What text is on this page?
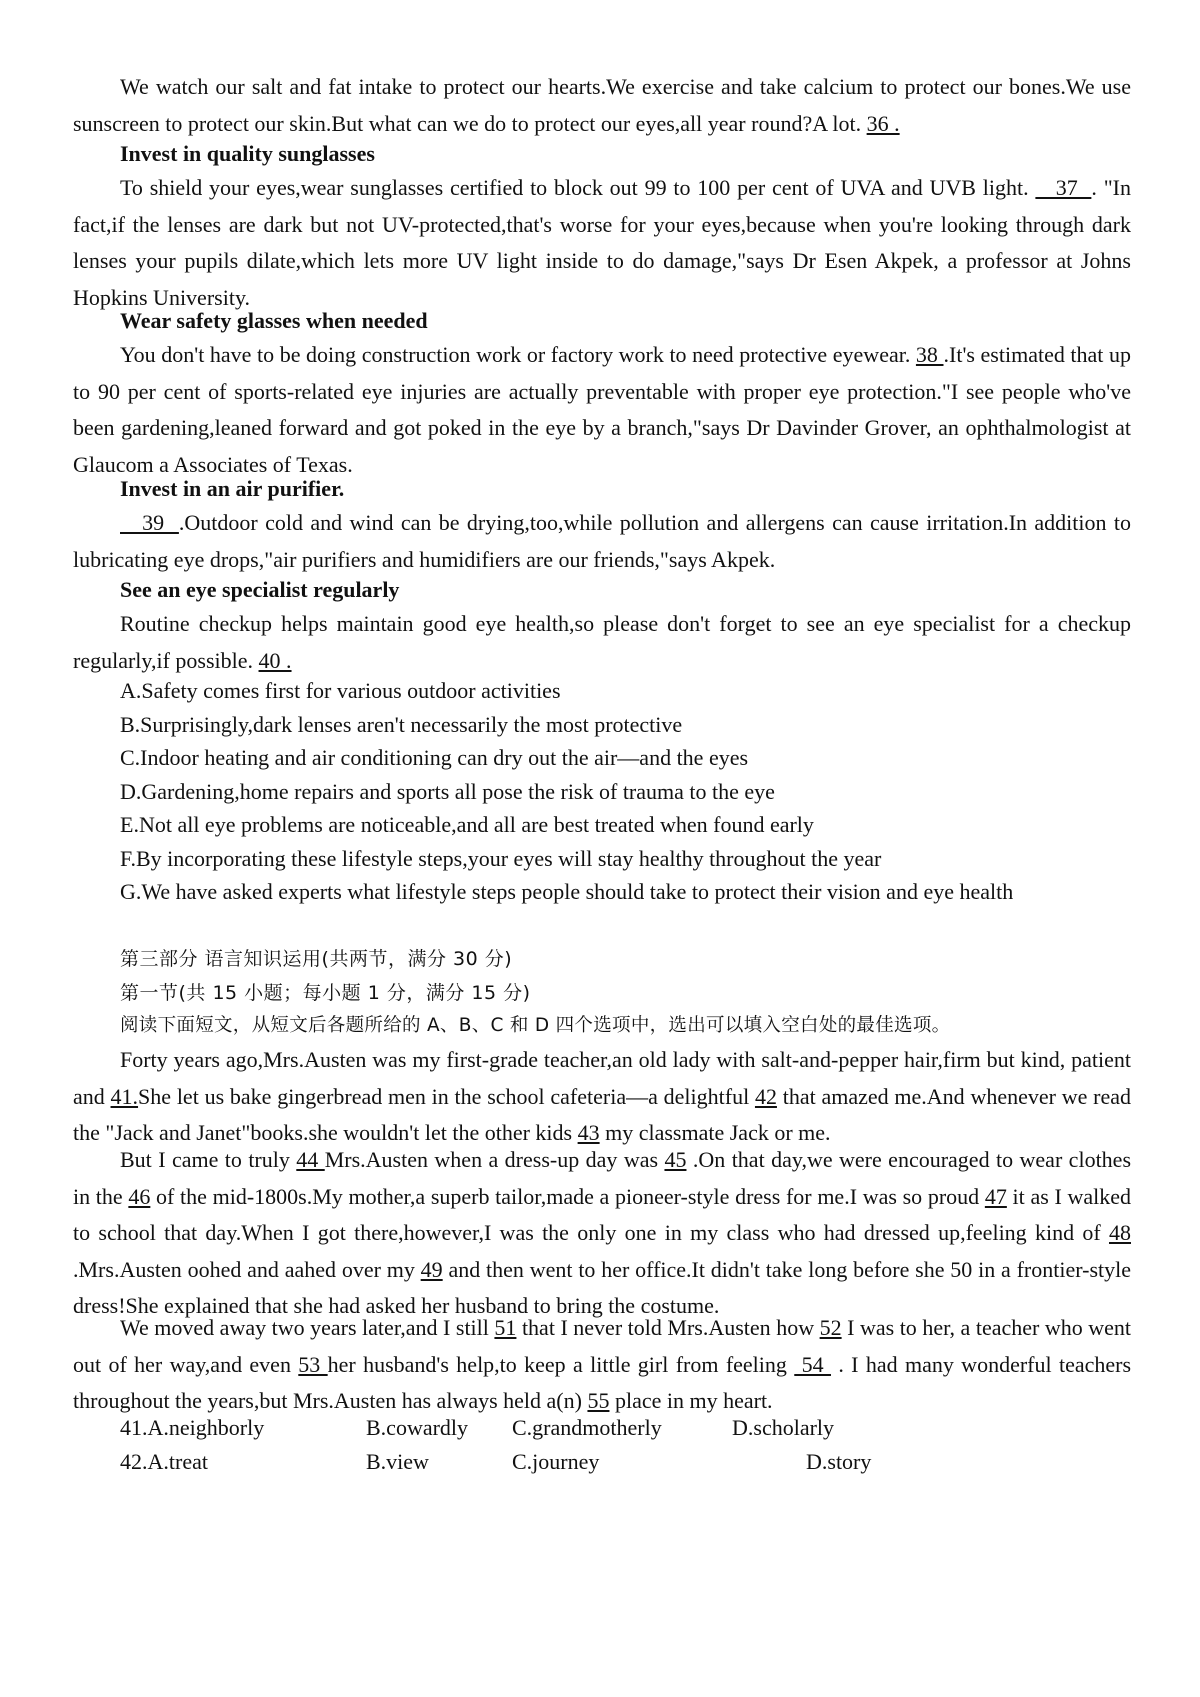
We watch our salt and fat intake to protect our hearts.We exercise and take calcium to protect our bones.We use sunscreen to protect our skin.But what can we do to protect our eyes,all year round?A lot. 36 .

Invest in quality sunglasses

To shield your eyes,wear sunglasses certified to block out 99 to 100 per cent of UVA and UVB light.    37  . "In fact,if the lenses are dark but not UV-protected,that's worse for your eyes,because when you're looking through dark lenses your pupils dilate,which lets more UV light inside to do damage,"says Dr Esen Akpek, a professor at Johns Hopkins University.

Wear safety glasses when needed

You don't have to be doing construction work or factory work to need protective eyewear. 38 .It's estimated that up to 90 per cent of sports-related eye injuries are actually preventable with proper eye protection."I see people who've been gardening,leaned forward and got poked in the eye by a branch,"says Dr Davinder Grover, an ophthalmologist at Glaucom a Associates of Texas.

Invest in an air purifier.

39  .Outdoor cold and wind can be drying,too,while pollution and allergens can cause irritation.In addition to lubricating eye drops,"air purifiers and humidifiers are our friends,"says Akpek.

See an eye specialist regularly

Routine checkup helps maintain good eye health,so please don't forget to see an eye specialist for a checkup regularly,if possible. 40 .

A.Safety comes first for various outdoor activities

B.Surprisingly,dark lenses aren't necessarily the most protective

C.Indoor heating and air conditioning can dry out the air—and the eyes

D.Gardening,home repairs and sports all pose the risk of trauma to the eye

E.Not all eye problems are noticeable,and all are best treated when found early

F.By incorporating these lifestyle steps,your eyes will stay healthy throughout the year

G.We have asked experts what lifestyle steps people should take to protect their vision and eye health

第三部分 语言知识运用(共两节，满分 30 分)

第一节(共 15 小题；每小题 1 分，满分 15 分)

阅读下面短文，从短文后各题所给的 A、B、C 和 D 四个选项中，选出可以填入空白处的最佳选项。

Forty years ago,Mrs.Austen was my first-grade teacher,an old lady with salt-and-pepper hair,firm but kind, patient and 41.She let us bake gingerbread men in the school cafeteria—a delightful 42 that amazed me.And whenever we read the "Jack and Janet"books.she wouldn't let the other kids 43 my classmate Jack or me.

But I came to truly 44 Mrs.Austen when a dress-up day was 45 .On that day,we were encouraged to wear clothes in the 46 of the mid-1800s.My mother,a superb tailor,made a pioneer-style dress for me.I was so proud 47 it as I walked to school that day.When I got there,however,I was the only one in my class who had dressed up,feeling kind of 48 .Mrs.Austen oohed and aahed over my 49 and then went to her office.It didn't take long before she 50 in a frontier-style dress!She explained that she had asked her husband to bring the costume.

We moved away two years later,and I still 51 that I never told Mrs.Austen how 52 I was to her, a teacher who went out of her way,and even 53 her husband's help,to keep a little girl from feeling  54  . I had many wonderful teachers throughout the years,but Mrs.Austen has always held a(n) 55 place in my heart.

41.A.neighborly	B.cowardly C.grandmotherly	D.scholarly
42.A.treat	B.view	C.journey	D.story
